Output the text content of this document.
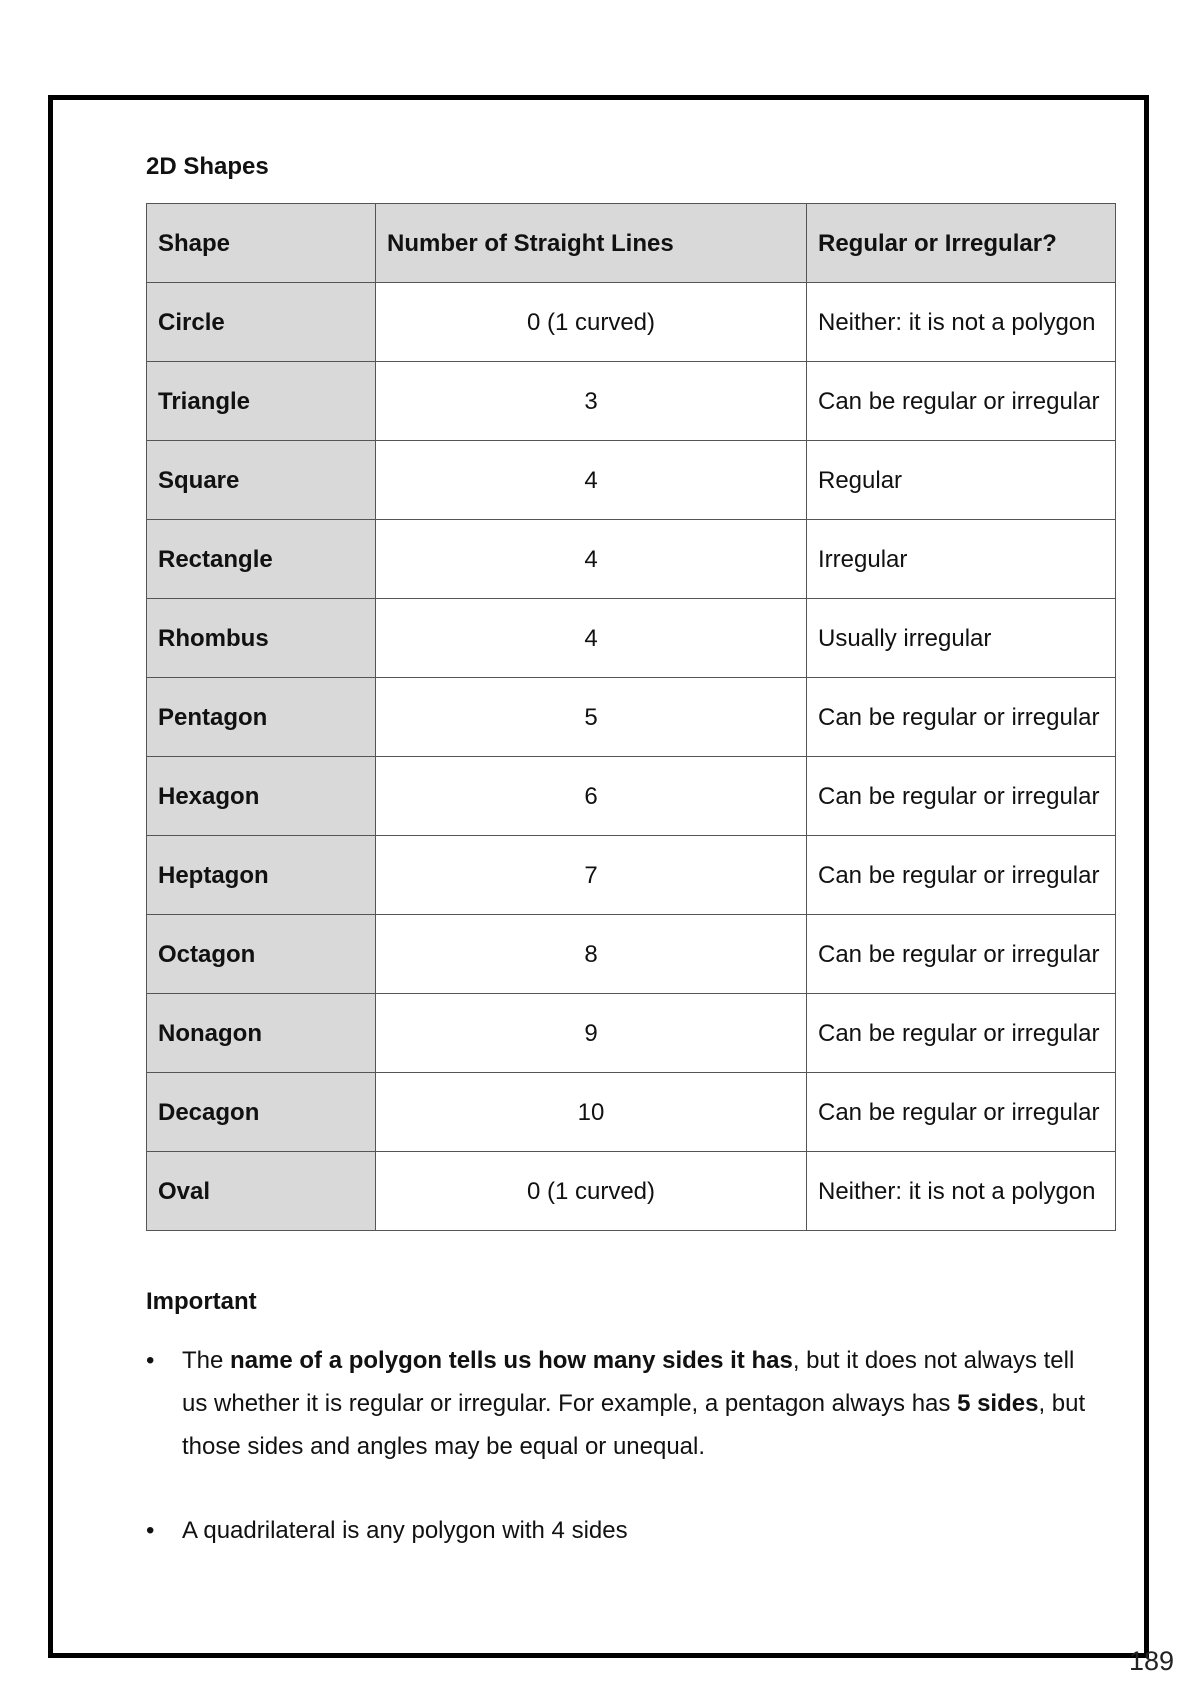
2D Shapes
Shape	Number of Straight Lines	Regular or Irregular?
Circle	0 (1 curved)	Neither: it is not a polygon
Triangle	3	Can be regular or irregular
Square	4	Regular
Rectangle	4	Irregular
Rhombus	4	Usually irregular
Pentagon	5	Can be regular or irregular
Hexagon	6	Can be regular or irregular
Heptagon	7	Can be regular or irregular
Octagon	8	Can be regular or irregular
Nonagon	9	Can be regular or irregular
Decagon	10	Can be regular or irregular
Oval	0 (1 curved)	Neither: it is not a polygon
Important
• The name of a polygon tells us how many sides it has, but it does not always tell us whether it is regular or irregular. For example, a pentagon always has 5 sides, but those sides and angles may be equal or unequal.
• A quadrilateral is any polygon with 4 sides
189
